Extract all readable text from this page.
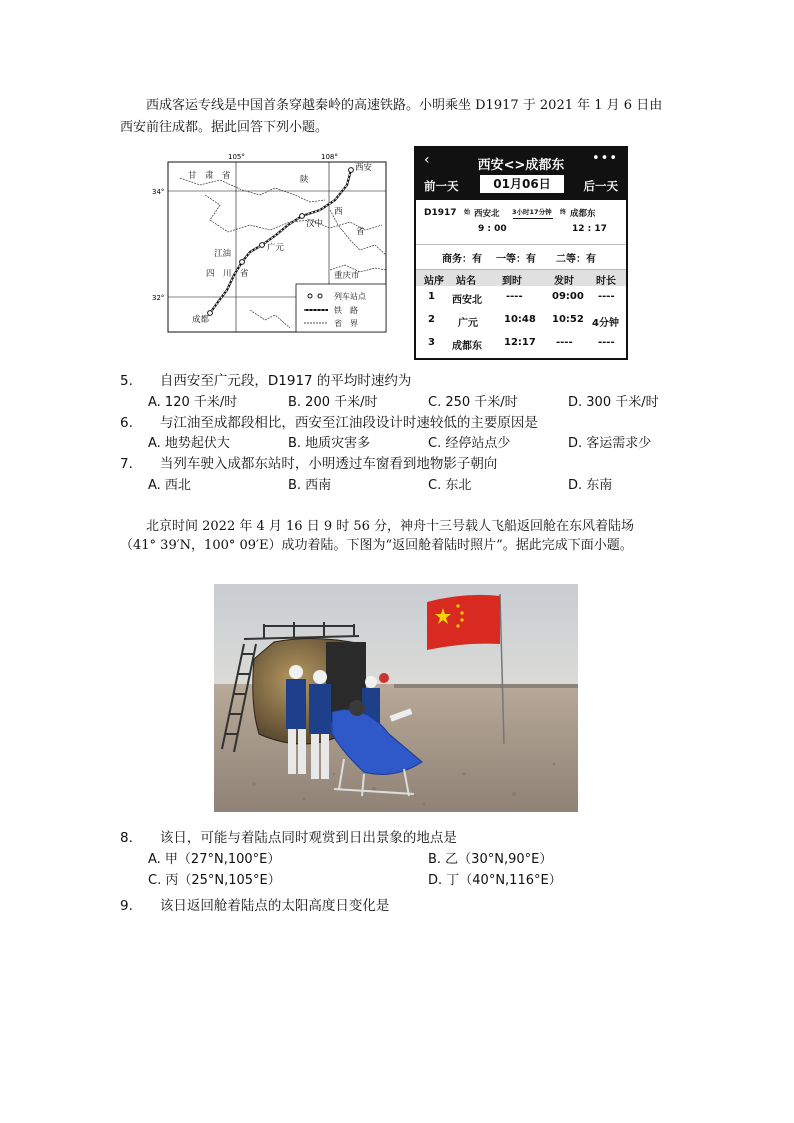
西成客运专线是中国首条穿越秦岭的高速铁路。小明乘坐 D1917 于 2021 年 1 月 6 日由
西安前往成都。据此回答下列小题。
105°	108°
34°
32°
甘　肃　省	陕
西
省
西安
汉中
广元
江油
四　川　省	重庆市
成都
列车站点
铁　路
省　界
‹	西安<>成都东	•••
前一天	01月06日	后一天
D1917 始 西安北 3小时17分钟 终 成都东
9 : 00	12 : 17
商务：有 一等：有 二等：有
站序 站名	到时	发时 时长
1 西安北 ----	09:00 ----
2 广元	10:48 10:52 4分钟
3 成都东 12:17 ----	----
5.　　自西安至广元段，D1917 的平均时速约为
A. 120 千米/时	B. 200 千米/时	C. 250 千米/时	D. 300 千米/时
6.　　与江油至成都段相比，西安至江油段设计时速较低的主要原因是
A. 地势起伏大	B. 地质灾害多	C. 经停站点少	D. 客运需求少
7.　　当列车驶入成都东站时，小明透过车窗看到地物影子朝向
A. 西北	B. 西南	C. 东北	D. 东南
北京时间 2022 年 4 月 16 日 9 时 56 分，神舟十三号载人飞船返回舱在东风着陆场
（41° 39′N，100° 09′E）成功着陆。下图为“返回舱着陆时照片”。据此完成下面小题。
8.　　该日，可能与着陆点同时观赏到日出景象的地点是
A. 甲（27°N,100°E）	B. 乙（30°N,90°E）
C. 丙（25°N,105°E）	D. 丁（40°N,116°E）
9.　　该日返回舱着陆点的太阳高度日变化是
